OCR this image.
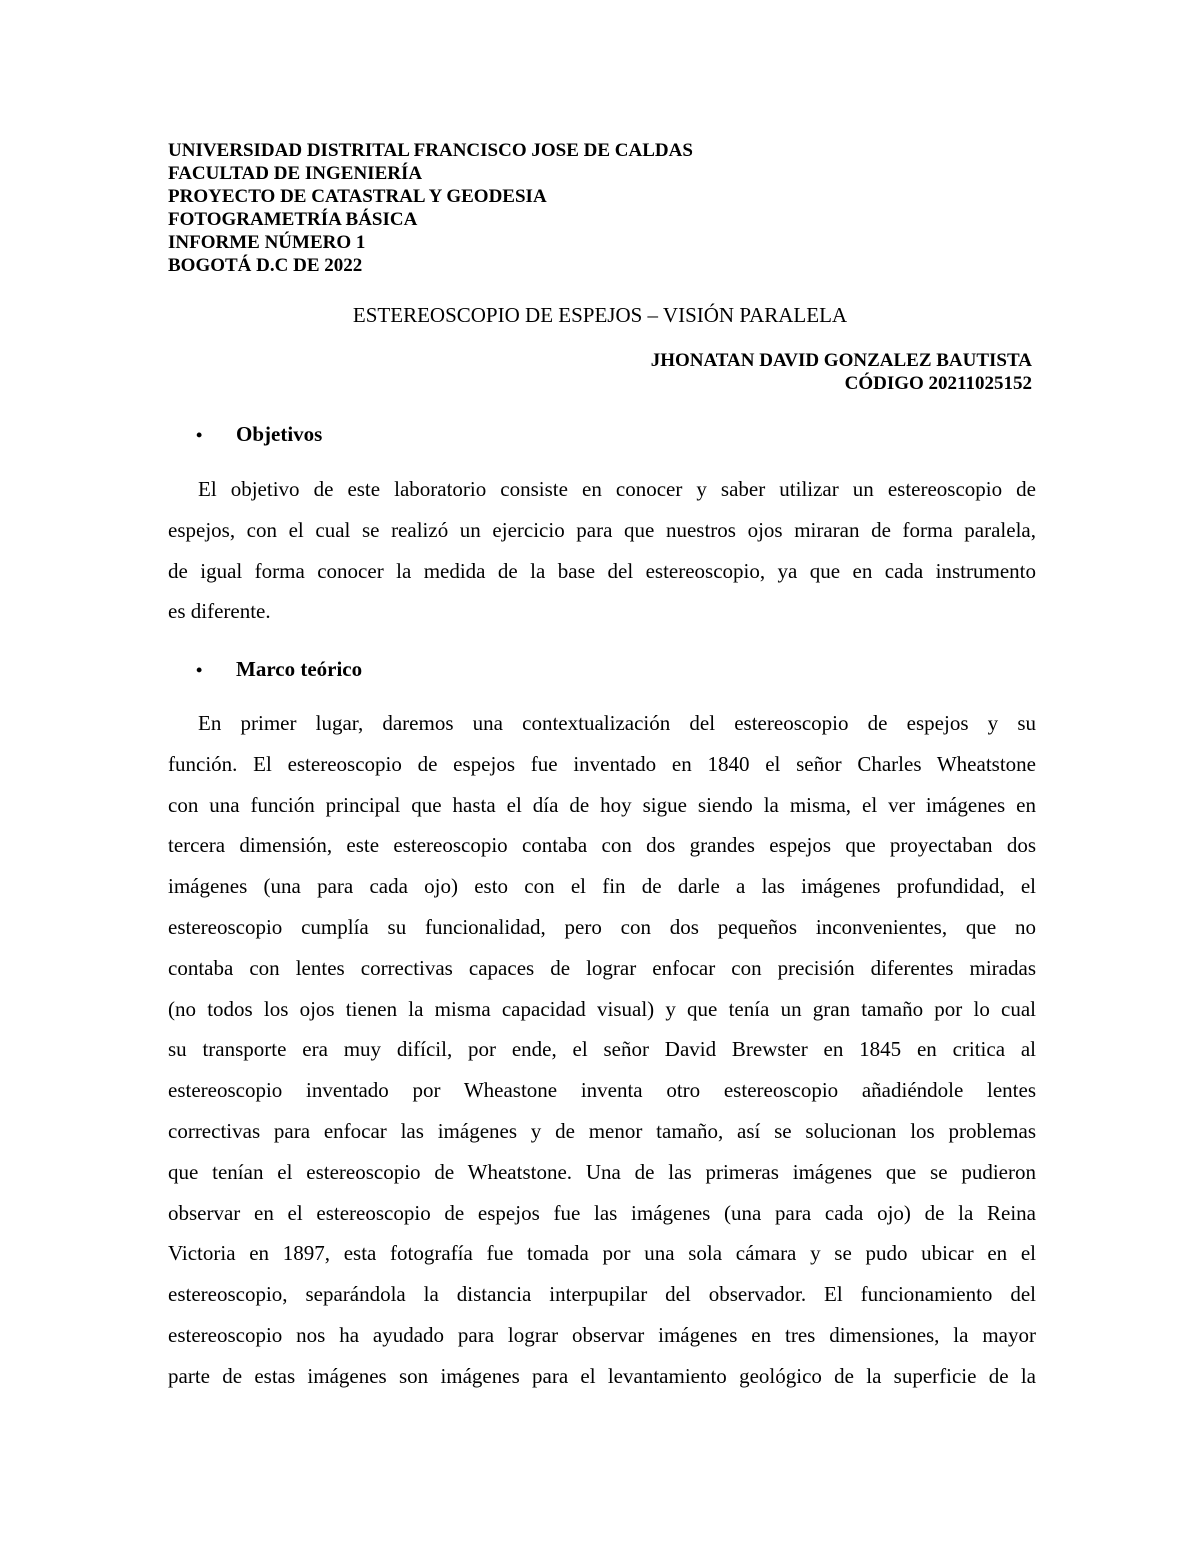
UNIVERSIDAD DISTRITAL FRANCISCO JOSE DE CALDAS
FACULTAD DE INGENIERÍA
PROYECTO DE CATASTRAL Y GEODESIA
FOTOGRAMETRÍA BÁSICA
INFORME NÚMERO 1
BOGOTÁ D.C DE 2022
ESTEREOSCOPIO DE ESPEJOS – VISIÓN PARALELA
JHONATAN DAVID GONZALEZ BAUTISTA
CÓDIGO 20211025152
• Objetivos
El objetivo de este laboratorio consiste en conocer y saber utilizar un estereoscopio de
espejos, con el cual se realizó un ejercicio para que nuestros ojos miraran de forma paralela,
de igual forma conocer la medida de la base del estereoscopio, ya que en cada instrumento
es diferente.
• Marco teórico
En primer lugar, daremos una contextualización del estereoscopio de espejos y su
función. El estereoscopio de espejos fue inventado en 1840 el señor Charles Wheatstone
con una función principal que hasta el día de hoy sigue siendo la misma, el ver imágenes en
tercera dimensión, este estereoscopio contaba con dos grandes espejos que proyectaban dos
imágenes (una para cada ojo) esto con el fin de darle a las imágenes profundidad, el
estereoscopio cumplía su funcionalidad, pero con dos pequeños inconvenientes, que no
contaba con lentes correctivas capaces de lograr enfocar con precisión diferentes miradas
(no todos los ojos tienen la misma capacidad visual) y que tenía un gran tamaño por lo cual
su transporte era muy difícil, por ende, el señor David Brewster en 1845 en critica al
estereoscopio inventado por Wheastone inventa otro estereoscopio añadiéndole lentes
correctivas para enfocar las imágenes y de menor tamaño, así se solucionan los problemas
que tenían el estereoscopio de Wheatstone. Una de las primeras imágenes que se pudieron
observar en el estereoscopio de espejos fue las imágenes (una para cada ojo) de la Reina
Victoria en 1897, esta fotografía fue tomada por una sola cámara y se pudo ubicar en el
estereoscopio, separándola la distancia interpupilar del observador. El funcionamiento del
estereoscopio nos ha ayudado para lograr observar imágenes en tres dimensiones, la mayor
parte de estas imágenes son imágenes para el levantamiento geológico de la superficie de la
